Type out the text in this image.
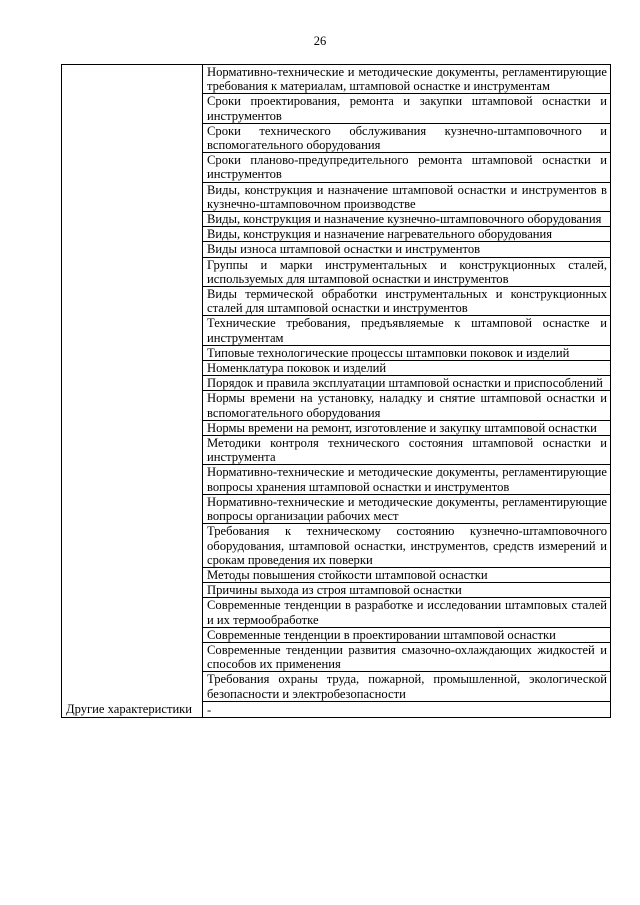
26
	Нормативно-технические и методические документы, регламентирующие требования к материалам, штамповой оснастке и инструментам
	Сроки проектирования, ремонта и закупки штамповой оснастки и инструментов
	Сроки технического обслуживания кузнечно-штамповочного и вспомогательного оборудования
	Сроки планово-предупредительного ремонта штамповой оснастки и инструментов
	Виды, конструкция и назначение штамповой оснастки и инструментов в кузнечно-штамповочном производстве
	Виды, конструкция и назначение кузнечно-штамповочного оборудования
	Виды, конструкция и назначение нагревательного оборудования
	Виды износа штамповой оснастки и инструментов
	Группы и марки инструментальных и конструкционных сталей, используемых для штамповой оснастки и инструментов
	Виды термической обработки инструментальных и конструкционных сталей для штамповой оснастки и инструментов
	Технические требования, предъявляемые к штамповой оснастке и инструментам
	Типовые технологические процессы штамповки поковок и изделий
	Номенклатура поковок и изделий
	Порядок и правила эксплуатации штамповой оснастки и приспособлений
	Нормы времени на установку, наладку и снятие штамповой оснастки и вспомогательного оборудования
	Нормы времени на ремонт, изготовление и закупку штамповой оснастки
	Методики контроля технического состояния штамповой оснастки и инструмента
	Нормативно-технические и методические документы, регламентирующие вопросы хранения штамповой оснастки и инструментов
	Нормативно-технические и методические документы, регламентирующие вопросы организации рабочих мест
	Требования к техническому состоянию кузнечно-штамповочного оборудования, штамповой оснастки, инструментов, средств измерений и срокам проведения их поверки
	Методы повышения стойкости штамповой оснастки
	Причины выхода из строя штамповой оснастки
	Современные тенденции в разработке и исследовании штамповых сталей и их термообработке
	Современные тенденции в проектировании штамповой оснастки
	Современные тенденции развития смазочно-охлаждающих жидкостей и способов их применения
	Требования охраны труда, пожарной, промышленной, экологической безопасности и электробезопасности
Другие характеристики	-
